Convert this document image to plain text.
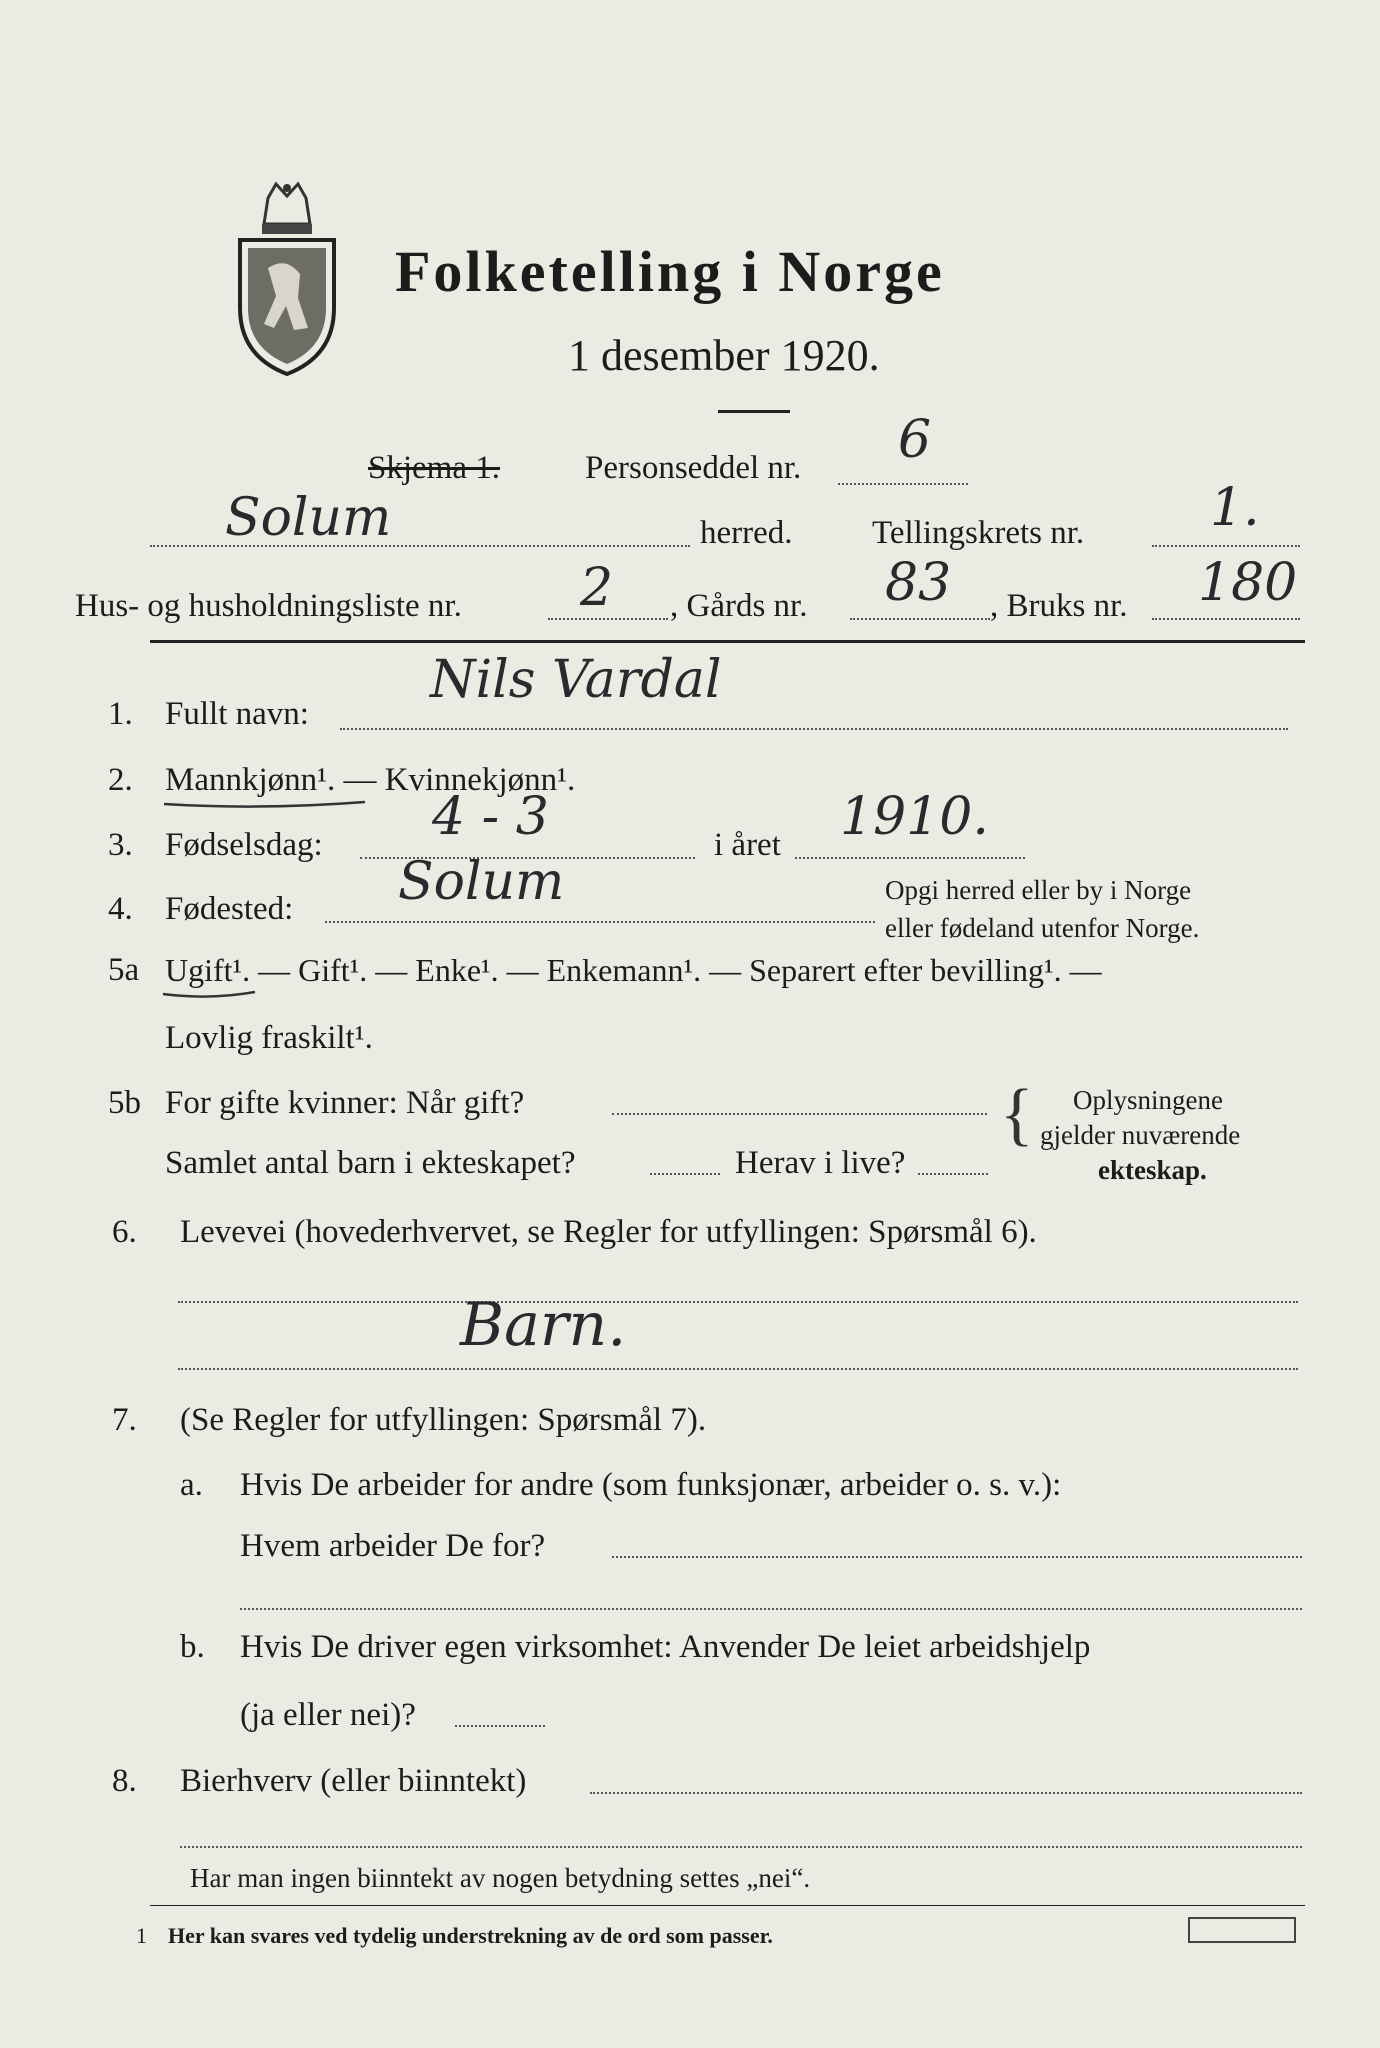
Folketelling i Norge
1 desember 1920.
Skjema 1.	Personseddel nr. 6
Solum	herred. Tellingskrets nr. 1.
Hus- og husholdningsliste nr. 2 , Gårds nr. 83 , Bruks nr. 180
1. Fullt navn:
Nils Vardal
2. Mannkjønn¹. — Kvinnekjønn¹.
3. Fødselsdag: 4 - 3	i året 1910.
4. Fødested: Solum	Opgi herred eller by i Norge
eller fødeland utenfor Norge.
5a Ugift¹. — Gift¹. — Enke¹. — Enkemann¹. — Separert efter bevilling¹. —
Lovlig fraskilt¹.
5b For gifte kvinner: Når gift?
Samlet antal barn i ekteskapet?	Herav i live?
{ Oplysningene
gjelder nuværende
ekteskap.
6. Levevei (hovederhvervet, se Regler for utfyllingen: Spørsmål 6).
Barn.
7. (Se Regler for utfyllingen: Spørsmål 7).
a. Hvis De arbeider for andre (som funksjonær, arbeider o. s. v.):
Hvem arbeider De for?
b. Hvis De driver egen virksomhet: Anvender De leiet arbeidshjelp
(ja eller nei)?
8. Bierhverv (eller biinntekt)
Har man ingen biinntekt av nogen betydning settes „nei“.
1 Her kan svares ved tydelig understrekning av de ord som passer.
